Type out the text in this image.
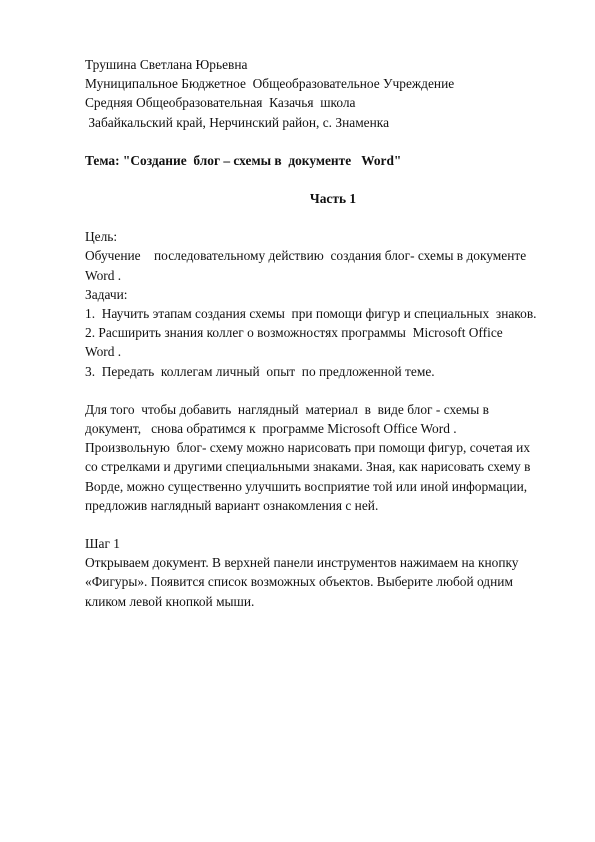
Трушина Светлана Юрьевна
Муниципальное Бюджетное  Общеобразовательное Учреждение
Средняя Общеобразовательная  Казачья  школа
Забайкальский край, Нерчинский район, с. Знаменка
Тема: "Создание  блог – схемы в  документе   Word"
Часть 1
Цель:
Обучение    последовательному действию  создания блог- схемы в документе
Word .
Задачи:
1.  Научить этапам создания схемы  при помощи фигур и специальных  знаков.
2. Расширить знания коллег о возможностях программы  Microsoft Office
Word .
3.  Передать  коллегам личный  опыт  по предложенной теме.
Для того  чтобы добавить  наглядный  материал  в  виде блог - схемы в
документ,   снова обратимся к  программе Microsoft Office Word .
Произвольную  блог- схему можно нарисовать при помощи фигур, сочетая их
со стрелками и другими специальными знаками. Зная, как нарисовать схему в
Ворде, можно существенно улучшить восприятие той или иной информации,
предложив наглядный вариант ознакомления с ней.
Шаг 1
Открываем документ. В верхней панели инструментов нажимаем на кнопку
«Фигуры». Появится список возможных объектов. Выберите любой одним
кликом левой кнопкой мыши.
